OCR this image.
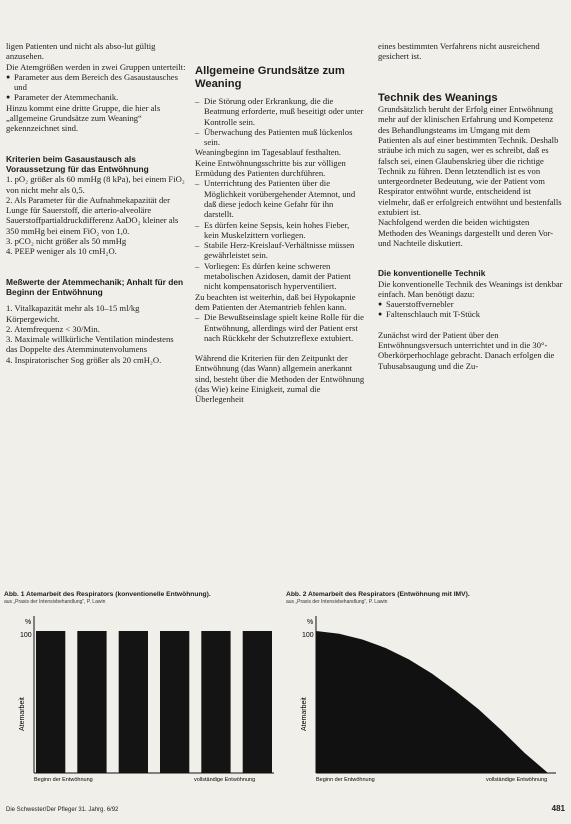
ligen Patienten und nicht als abso-lut gültig anzusehen.

Die Atemgrößen werden in zwei Gruppen unterteilt:

● Parameter aus dem Bereich des Gasaustausches und

● Parameter der Atemmechanik.

Hinzu kommt eine dritte Gruppe, die hier als

„allgemeine Grundsätze zum Weaning“ gekennzeichnet sind.

Kriterien beim Gasaustausch als Voraussetzung für das Entwöhnung

1. pO₂ größer als 60 mmHg (8 kPa), bei einem FiO₂ von nicht mehr als 0,5.

2. Als Parameter für die Aufnahmekapazität der Lunge für Sauerstoff, die arterio-alveoläre Sauerstoffpartialdruckdifferenz AaDO₂ kleiner als 350 mmHg bei einem FiO₂ von 1,0.

3. pCO₂ nicht größer als 50 mmHg

4. PEEP weniger als 10 cmH₂O.

Meßwerte der Atemmechanik; Anhalt für den Beginn der Entwöhnung

1. Vitalkapazität mehr als 10–15 ml/kg Körpergewicht.

2. Atemfrequenz < 30/Min.

3. Maximale willkürliche Ventilation mindestens das Doppelte des Atemminutenvolumens

4. Inspiratorischer Sog größer als 20 cmH₂O.

Allgemeine Grundsätze zum Weaning

– Die Störung oder Erkrankung, die die Beatmung erforderte, muß beseitigt oder unter Kontrolle sein.

– Überwachung des Patienten muß lückenlos sein.

Weaningbeginn im Tagesablauf festhalten.

Keine Entwöhnungsschritte bis zur völligen Ermüdung des Patienten durchführen.

– Unterrichtung des Patienten über die Möglichkeit vorübergehender Atemnot, und daß diese jedoch keine Gefahr für ihn darstellt.

– Es dürfen keine Sepsis, kein hohes Fieber, kein Muskelzittern vorliegen.

– Stabile Herz-Kreislauf-Verhältnisse müssen gewährleistet sein.

– Vorliegen: Es dürfen keine schweren metabolischen Azidosen, damit der Patient nicht kompensatorisch hyperventiliert.

Zu beachten ist weiterhin, daß bei Hypokapnie dem Patienten der Atemantrieb fehlen kann.

– Die Bewußtseinslage spielt keine Rolle für die Entwöhnung, allerdings wird der Patient erst nach Rückkehr der Schutzreflexe extubiert.

Während die Kriterien für den Zeitpunkt der Entwöhnung (das Wann) allgemein anerkannt sind, besteht über die Methoden der Entwöhnung (das Wie) keine Einigkeit, zumal die Überlegenheit

eines bestimmten Verfahrens nicht ausreichend gesichert ist.

Technik des Weanings

Grundsätzlich beruht der Erfolg einer Entwöhnung mehr auf der klinischen Erfahrung und Kompetenz des Behandlungsteams im Umgang mit dem Patienten als auf einer bestimmten Technik. Deshalb sträube ich mich zu sagen, wer es schreibt, daß es falsch sei, einen Glaubenskrieg über die richtige Technik zu führen. Denn letztendlich ist es von untergeordneter Bedeutung, wie der Patient vom Respirator entwöhnt wurde, entscheidend ist vielmehr, daß er erfolgreich entwöhnt und bestenfalls extubiert ist.

Nachfolgend werden die beiden wichtigsten Methoden des Weanings dargestellt und deren Vor- und Nachteile diskutiert.

Die konventionelle Technik

Die konventionelle Technik des Weanings ist denkbar einfach. Man benötigt dazu:

● Sauerstoffvernebler

● Faltenschlauch mit T-Stück

Zunächst wird der Patient über den Entwöhnungsversuch unterrichtet und in die 30°-Oberkörperhochlage gebracht. Danach erfolgen die Tubusabsaugung und die Zu-

Abb. 1 Atemarbeit des Respirators (konventionelle Entwöhnung).
aus „Praxis der Intensivbehandlung“, P. Lawin
%
100
Atemarbeit
Beginn der Entwöhnung	vollständige Entwöhnung
Abb. 2 Atemarbeit des Respirators (Entwöhnung mit IMV).
aus „Praxis der Intensivbehandlung“, P. Lawin
%
100
Atemarbeit
Beginn der Entwöhnung	vollständige Entwöhnung
Die Schwester/Der Pfleger 31. Jahrg. 6/92	481
